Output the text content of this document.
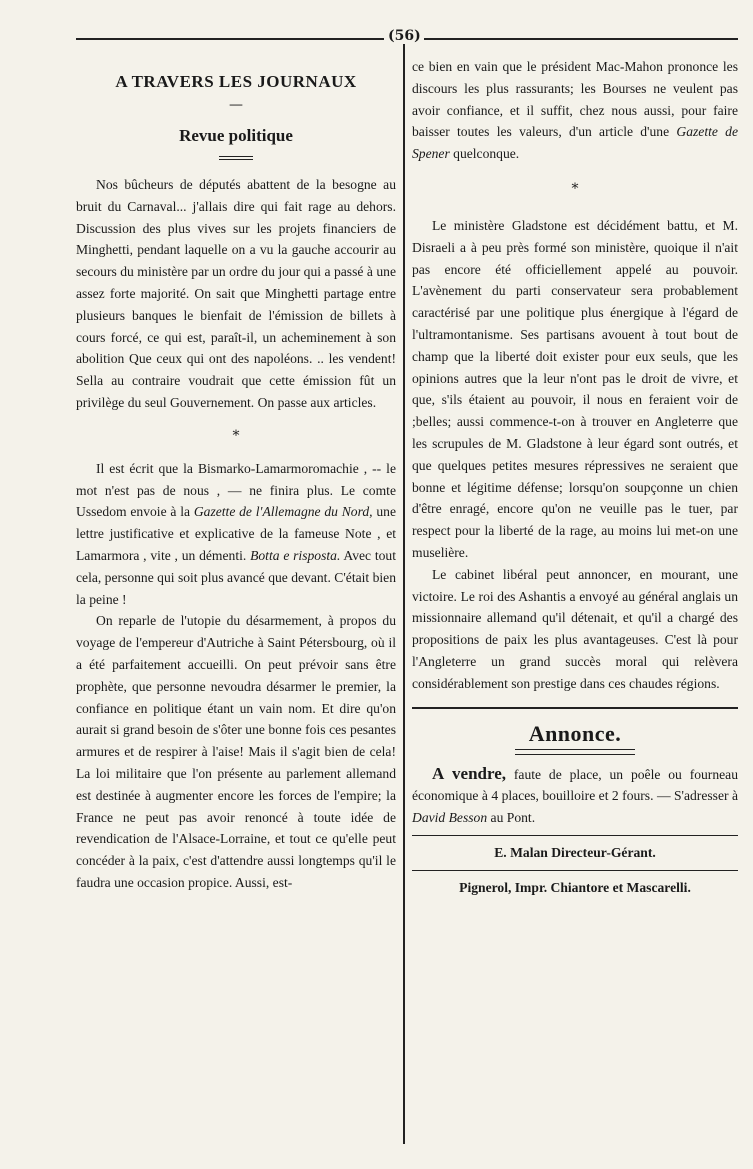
(56)
A TRAVERS LES JOURNAUX
—
Revue politique

Nos bûcheurs de députés abattent de la besogne au bruit du Carnaval... j'allais dire qui fait rage au dehors. Discussion des plus vives sur les projets financiers de Minghetti, pendant laquelle on a vu la gauche accourir au secours du ministère par un ordre du jour qui a passé à une assez forte majorité. On sait que Minghetti partage entre plusieurs banques le bienfait de l'émission de billets à cours forcé, ce qui est, paraît-il, un acheminement à son abolition Que ceux qui ont des napoléons. .. les vendent! Sella au contraire voudrait que cette émission fût un privilège du seul Gouvernement. On passe aux articles.

*

Il est écrit que la Bismarko-Lamarmoromachie , -- le mot n'est pas de nous , — ne finira plus. Le comte Ussedom envoie à la Gazette de l'Allemagne du Nord, une lettre justificative et explicative de la fameuse Note , et Lamarmora , vite , un démenti. Botta e risposta. Avec tout cela, personne qui soit plus avancé que devant. C'était bien la peine !

On reparle de l'utopie du désarmement, à propos du voyage de l'empereur d'Autriche à Saint Pétersbourg, où il a été parfaitement accueilli. On peut prévoir sans être prophète, que personne nevoudra désarmer le premier, la confiance en politique étant un vain nom. Et dire qu'on aurait si grand besoin de s'ôter une bonne fois ces pesantes armures et de respirer à l'aise! Mais il s'agit bien de cela! La loi militaire que l'on présente au parlement allemand est destinée à augmenter encore les forces de l'empire; la France ne peut pas avoir renoncé à toute idée de revendication de l'Alsace-Lorraine, et tout ce qu'elle peut concéder à la paix, c'est d'attendre aussi longtemps qu'il le faudra une occasion propice. Aussi, est-

ce bien en vain que le président Mac-Mahon prononce les discours les plus rassurants; les Bourses ne veulent pas avoir confiance, et il suffit, chez nous aussi, pour faire baisser toutes les valeurs, d'un article d'une Gazette de Spener quelconque.

*

Le ministère Gladstone est décidément battu, et M. Disraeli a à peu près formé son ministère, quoique il n'ait pas encore été officiellement appelé au pouvoir. L'avènement du parti conservateur sera probablement caractérisé par une politique plus énergique à l'égard de l'ultramontanisme. Ses partisans avouent à tout bout de champ que la liberté doit exister pour eux seuls, que les opinions autres que la leur n'ont pas le droit de vivre, et que, s'ils étaient au pouvoir, il nous en feraient voir de ;belles; aussi commence-t-on à trouver en Angleterre que les scrupules de M. Gladstone à leur égard sont outrés, et que quelques petites mesures répressives ne seraient que bonne et légitime défense; lorsqu'on soupçonne un chien d'être enragé, encore qu'on ne veuille pas le tuer, par respect pour la liberté de la rage, au moins lui met-on une muselière.

Le cabinet libéral peut annoncer, en mourant, une victoire. Le roi des Ashantis a envoyé au général anglais un missionnaire allemand qu'il détenait, et qu'il a chargé des propositions de paix les plus avantageuses. C'est là pour l'Angleterre un grand succès moral qui relèvera considérablement son prestige dans ces chaudes régions.

Annonce.

A vendre, faute de place, un poêle ou fourneau économique à 4 places, bouilloire et 2 fours. — S'adresser à David Besson au Pont.

E. Malan Directeur-Gérant.

Pignerol, Impr. Chiantore et Mascarelli.
